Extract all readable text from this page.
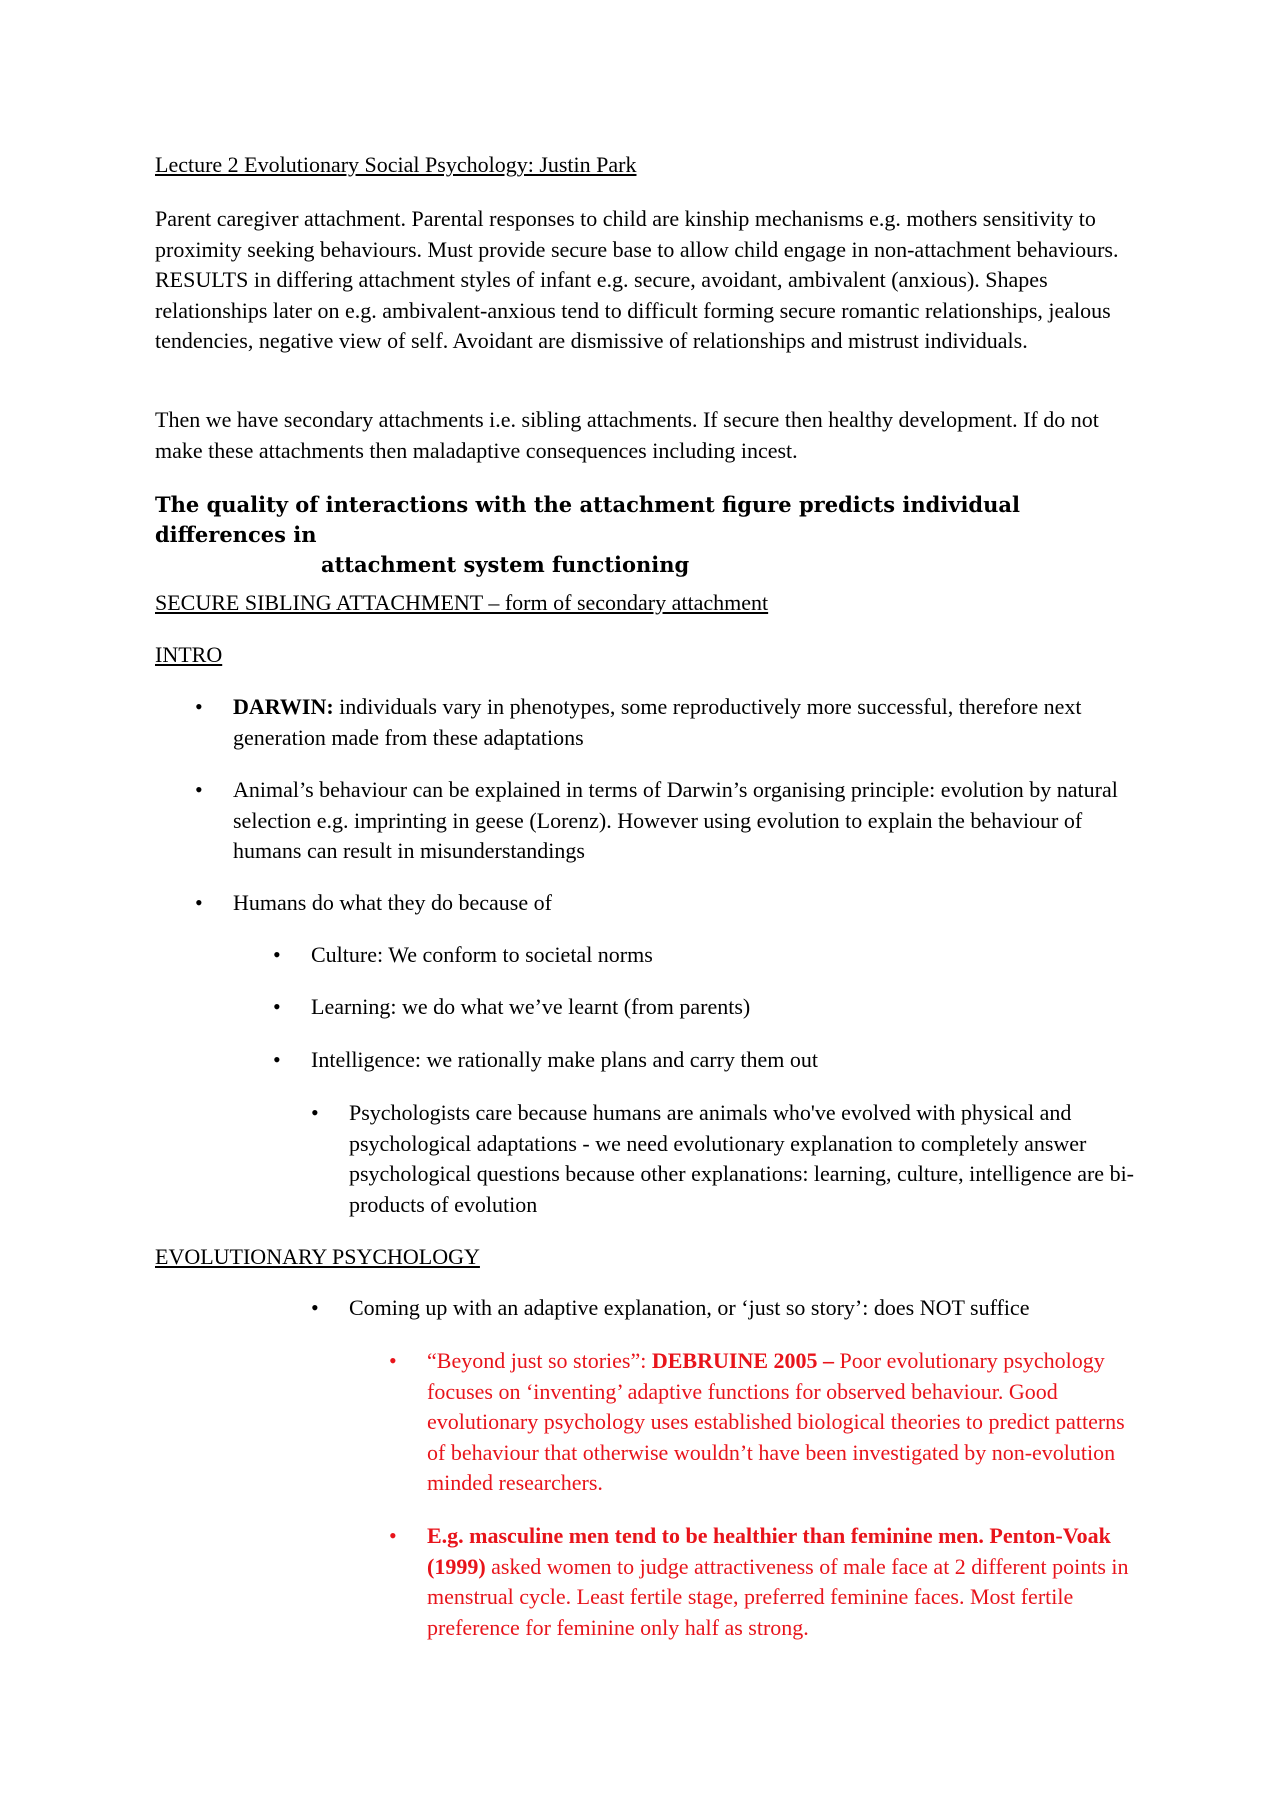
Lecture 2 Evolutionary Social Psychology: Justin Park
Parent caregiver attachment. Parental responses to child are kinship mechanisms e.g. mothers sensitivity to proximity seeking behaviours. Must provide secure base to allow child engage in non-attachment behaviours. RESULTS in differing attachment styles of infant e.g. secure, avoidant, ambivalent (anxious). Shapes relationships later on e.g. ambivalent-anxious tend to difficult forming secure romantic relationships, jealous tendencies, negative view of self. Avoidant are dismissive of relationships and mistrust individuals.
Then we have secondary attachments i.e. sibling attachments. If secure then healthy development. If do not make these attachments then maladaptive consequences including incest.
The quality of interactions with the attachment figure predicts individual differences in
attachment system functioning
SECURE SIBLING ATTACHMENT – form of secondary attachment
INTRO
• DARWIN: individuals vary in phenotypes, some reproductively more successful, therefore next generation made from these adaptations
• Animal’s behaviour can be explained in terms of Darwin’s organising principle: evolution by natural selection e.g. imprinting in geese (Lorenz). However using evolution to explain the behaviour of humans can result in misunderstandings
• Humans do what they do because of
• Culture: We conform to societal norms
• Learning: we do what we’ve learnt (from parents)
• Intelligence: we rationally make plans and carry them out
• Psychologists care because humans are animals who've evolved with physical and psychological adaptations - we need evolutionary explanation to completely answer psychological questions because other explanations: learning, culture, intelligence are bi-products of evolution
EVOLUTIONARY PSYCHOLOGY
• Coming up with an adaptive explanation, or ‘just so story’: does NOT suffice
• “Beyond just so stories”: DEBRUINE 2005 – Poor evolutionary psychology focuses on ‘inventing’ adaptive functions for observed behaviour. Good evolutionary psychology uses established biological theories to predict patterns of behaviour that otherwise wouldn’t have been investigated by non-evolution minded researchers.
• E.g. masculine men tend to be healthier than feminine men. Penton-Voak (1999) asked women to judge attractiveness of male face at 2 different points in menstrual cycle. Least fertile stage, preferred feminine faces. Most fertile preference for feminine only half as strong.
